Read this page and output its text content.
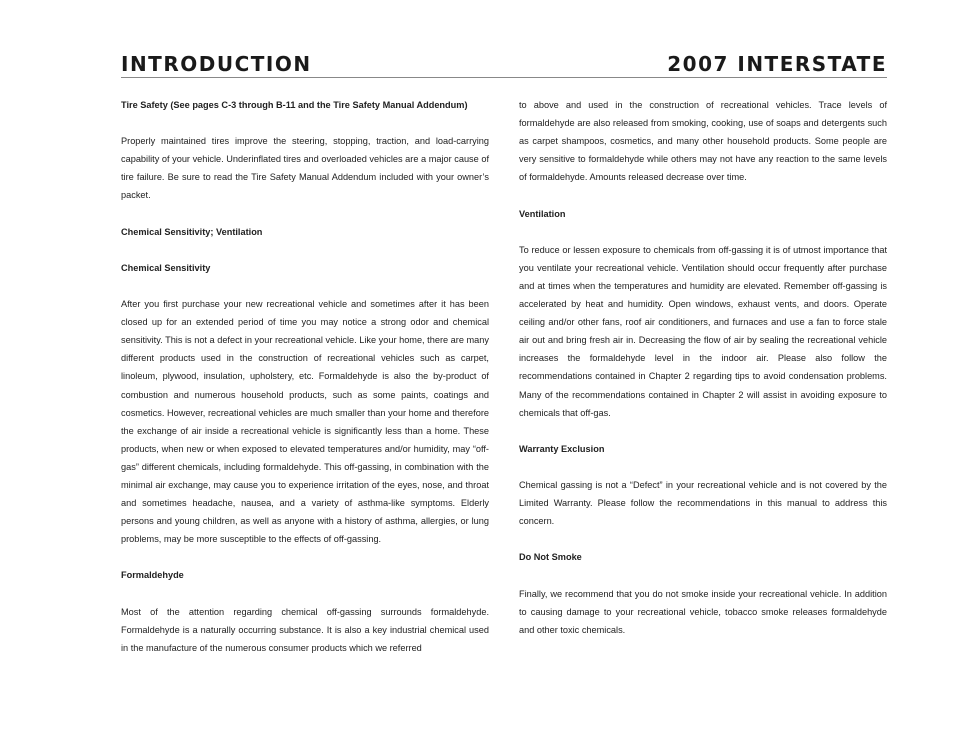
INTRODUCTION	2007 INTERSTATE
Tire Safety (See pages C-3 through B-11 and the Tire Safety Manual Addendum)

Properly maintained tires improve the steering, stopping, traction, and load-carrying capability of your vehicle. Underinflated tires and overloaded vehicles are a major cause of tire failure. Be sure to read the Tire Safety Manual Addendum included with your owner’s packet.

Chemical Sensitivity; Ventilation
Chemical Sensitivity

After you first purchase your new recreational vehicle and sometimes after it has been closed up for an extended period of time you may notice a strong odor and chemical sensitivity. This is not a defect in your recreational vehicle. Like your home, there are many different products used in the construction of recreational vehicles such as carpet, linoleum, plywood, insulation, upholstery, etc. Formaldehyde is also the by-product of combustion and numerous household products, such as some paints, coatings and cosmetics. However, recreational vehicles are much smaller than your home and therefore the exchange of air inside a recreational vehicle is significantly less than a home. These products, when new or when exposed to elevated temperatures and/or humidity, may “off-gas” different chemicals, including formaldehyde. This off-gassing, in combination with the minimal air exchange, may cause you to experience irritation of the eyes, nose, and throat and sometimes headache, nausea, and a variety of asthma-like symptoms. Elderly persons and young children, as well as anyone with a history of asthma, allergies, or lung problems, may be more susceptible to the effects of off-gassing.

Formaldehyde

Most of the attention regarding chemical off-gassing surrounds formaldehyde. Formaldehyde is a naturally occurring substance. It is also a key industrial chemical used in the manufacture of the numerous consumer products which we referred

to above and used in the construction of recreational vehicles. Trace levels of formaldehyde are also released from smoking, cooking, use of soaps and detergents such as carpet shampoos, cosmetics, and many other household products. Some people are very sensitive to formaldehyde while others may not have any reaction to the same levels of formaldehyde. Amounts released decrease over time.

Ventilation

To reduce or lessen exposure to chemicals from off-gassing it is of utmost importance that you ventilate your recreational vehicle. Ventilation should occur frequently after purchase and at times when the temperatures and humidity are elevated. Remember off-gassing is accelerated by heat and humidity. Open windows, exhaust vents, and doors. Operate ceiling and/or other fans, roof air conditioners, and furnaces and use a fan to force stale air out and bring fresh air in. Decreasing the flow of air by sealing the recreational vehicle increases the formaldehyde level in the indoor air. Please also follow the recommendations contained in Chapter 2 regarding tips to avoid condensation problems. Many of the recommendations contained in Chapter 2 will assist in avoiding exposure to chemicals that off-gas.

Warranty Exclusion

Chemical gassing is not a “Defect” in your recreational vehicle and is not covered by the Limited Warranty. Please follow the recommendations in this manual to address this concern.

Do Not Smoke

Finally, we recommend that you do not smoke inside your recreational vehicle. In addition to causing damage to your recreational vehicle, tobacco smoke releases formaldehyde and other toxic chemicals.
